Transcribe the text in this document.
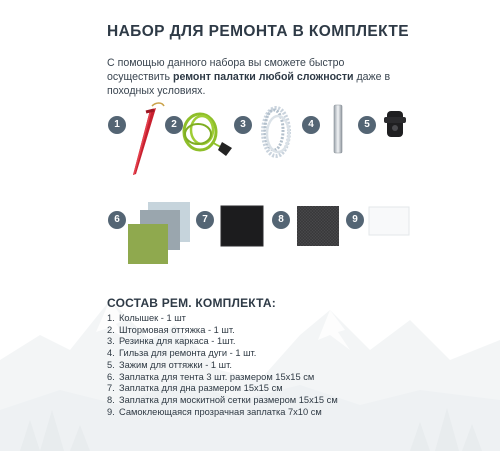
НАБОР ДЛЯ РЕМОНТА В КОМПЛЕКТЕ
С помощью данного набора вы сможете быстро осуществить ремонт палатки любой сложности даже в походных условиях.
1	2	3	4	5
6	7	8	9
СОСТАВ РЕМ. КОМПЛЕКТА:
1. Колышек - 1 шт
2. Штормовая оттяжка - 1 шт.
3. Резинка для каркаса - 1шт.
4. Гильза для ремонта дуги - 1 шт.
5. Зажим для оттяжки - 1 шт.
6. Заплатка для тента 3 шт. размером 15х15 см
7. Заплатка для дна размером 15х15 см
8. Заплатка для москитной сетки размером 15х15 см
9. Самоклеющаяся прозрачная заплатка 7х10 см
